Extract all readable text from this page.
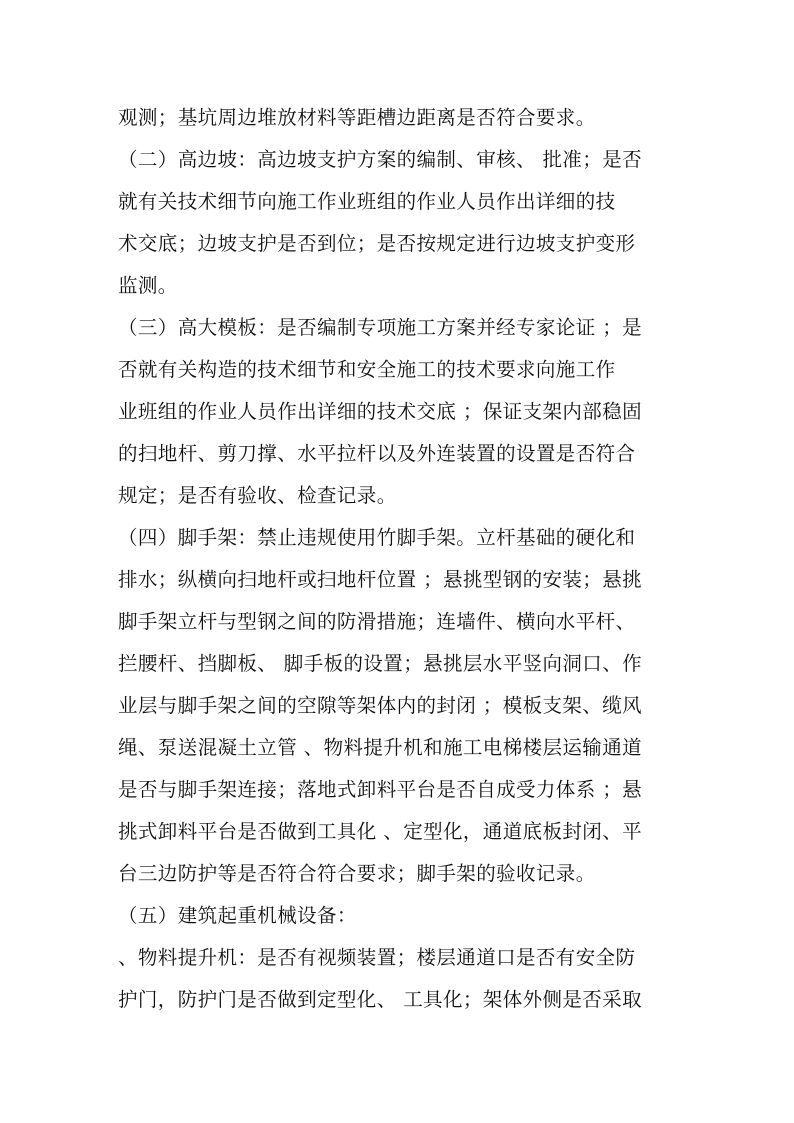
观测；基坑周边堆放材料等距槽边距离是否符合要求。
（二）高边坡：高边坡支护方案的编制、审核、 批准；是否
就有关技术细节向施工作业班组的作业人员作出详细的技
术交底；边坡支护是否到位；是否按规定进行边坡支护变形
监测。
（三）高大模板：是否编制专项施工方案并经专家论证 ；是
否就有关构造的技术细节和安全施工的技术要求向施工作
业班组的作业人员作出详细的技术交底 ；保证支架内部稳固
的扫地杆、剪刀撑、水平拉杆以及外连装置的设置是否符合
规定；是否有验收、检查记录。
（四）脚手架：禁止违规使用竹脚手架。立杆基础的硬化和
排水；纵横向扫地杆或扫地杆位置 ；悬挑型钢的安装；悬挑
脚手架立杆与型钢之间的防滑措施；连墙件、横向水平杆、
拦腰杆、挡脚板、 脚手板的设置；悬挑层水平竖向洞口、作
业层与脚手架之间的空隙等架体内的封闭 ；模板支架、缆风
绳、泵送混凝土立管 、物料提升机和施工电梯楼层运输通道
是否与脚手架连接；落地式卸料平台是否自成受力体系 ；悬
挑式卸料平台是否做到工具化 、定型化，通道底板封闭、平
台三边防护等是否符合符合要求；脚手架的验收记录。
（五）建筑起重机械设备：
、物料提升机：是否有视频装置；楼层通道口是否有安全防
护门，防护门是否做到定型化、 工具化；架体外侧是否采取
